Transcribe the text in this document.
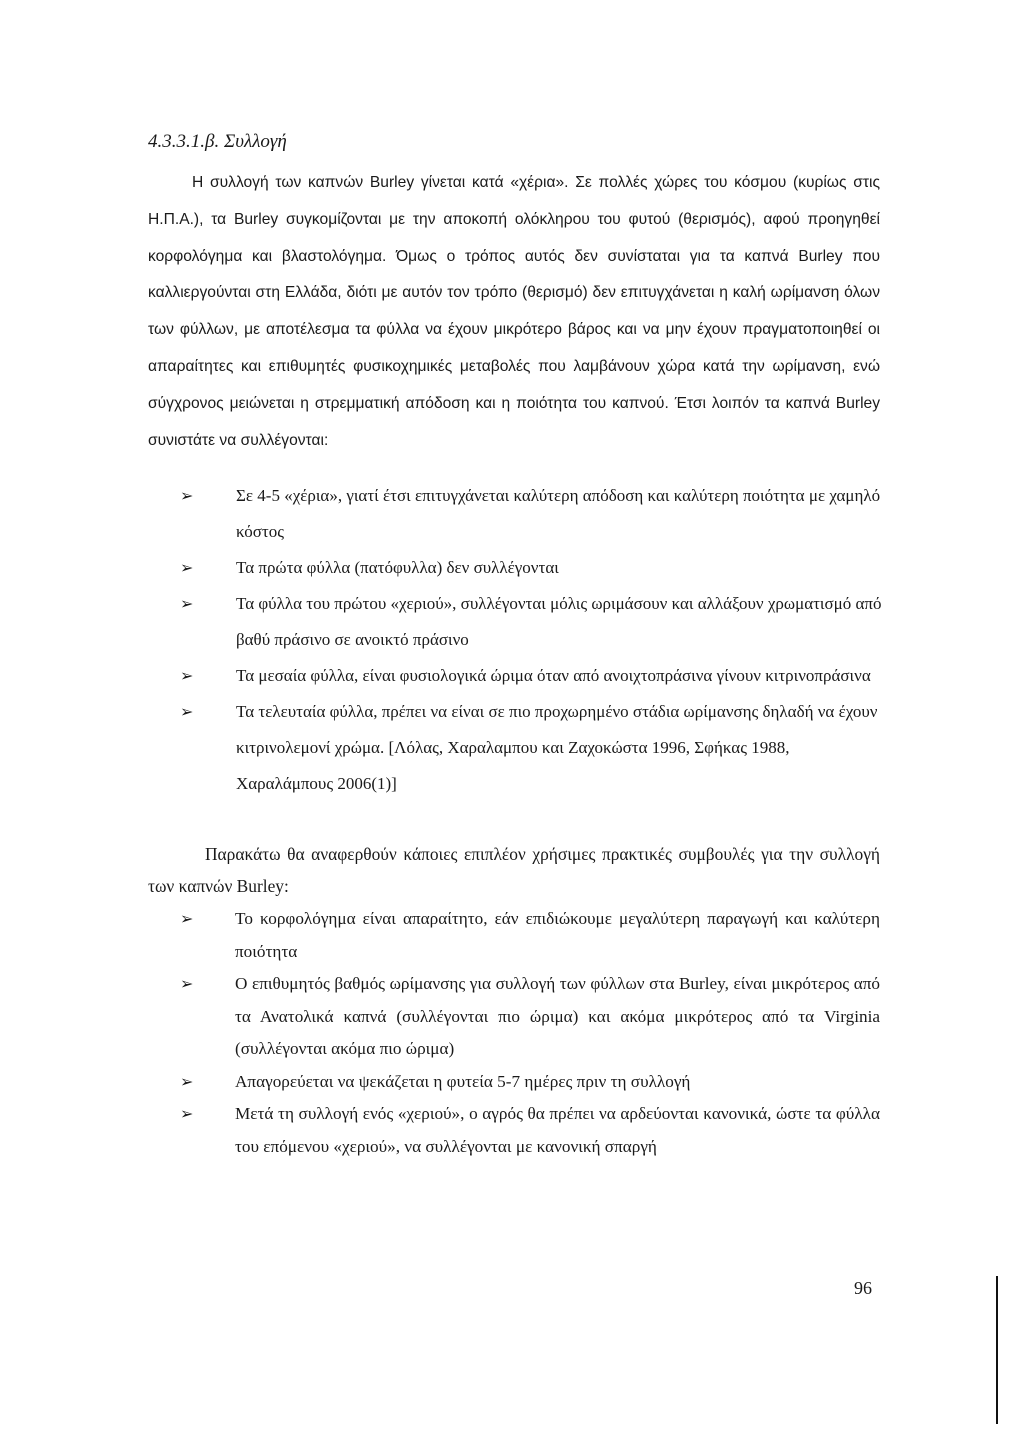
4.3.3.1.β. Συλλογή
Η συλλογή των καπνών Burley γίνεται κατά «χέρια». Σε πολλές χώρες του κόσμου (κυρίως στις Η.Π.Α.), τα Burley συγκομίζονται με την αποκοπή ολόκληρου του φυτού (θερισμός), αφού προηγηθεί κορφολόγημα και βλαστολόγημα. Όμως ο τρόπος αυτός δεν συνίσταται για τα καπνά Burley που καλλιεργούνται στη Ελλάδα, διότι με αυτόν τον τρόπο (θερισμό) δεν επιτυγχάνεται η καλή ωρίμανση όλων των φύλλων, με αποτέλεσμα τα φύλλα να έχουν μικρότερο βάρος και να μην έχουν πραγματοποιηθεί οι απαραίτητες και επιθυμητές φυσικοχημικές μεταβολές που λαμβάνουν χώρα κατά την ωρίμανση, ενώ σύγχρονος μειώνεται η στρεμματική απόδοση και η ποιότητα του καπνού. Έτσι λοιπόν τα καπνά Burley συνιστάτε να συλλέγονται:
➢	Σε 4-5 «χέρια», γιατί έτσι επιτυγχάνεται καλύτερη απόδοση και καλύτερη ποιότητα με χαμηλό κόστος
➢	Τα πρώτα φύλλα (πατόφυλλα) δεν συλλέγονται
➢	Τα φύλλα του πρώτου «χεριού», συλλέγονται μόλις ωριμάσουν και αλλάξουν χρωματισμό από βαθύ πράσινο σε ανοικτό πράσινο
➢	Τα μεσαία φύλλα, είναι φυσιολογικά ώριμα όταν από ανοιχτοπράσινα γίνουν κιτρινοπράσινα
➢	Τα τελευταία φύλλα, πρέπει να είναι σε πιο προχωρημένο στάδια ωρίμανσης δηλαδή να έχουν κιτρινολεμονί χρώμα. [Λόλας, Χαραλαμπου και Ζαχοκώστα 1996, Σφήκας 1988, Χαραλάμπους 2006(1)]
Παρακάτω θα αναφερθούν κάποιες επιπλέον χρήσιμες πρακτικές συμβουλές για την συλλογή των καπνών Burley:
➢ Το κορφολόγημα είναι απαραίτητο, εάν επιδιώκουμε μεγαλύτερη παραγωγή και καλύτερη ποιότητα
➢ Ο επιθυμητός βαθμός ωρίμανσης για συλλογή των φύλλων στα Burley, είναι μικρότερος από τα Ανατολικά καπνά (συλλέγονται πιο ώριμα) και ακόμα μικρότερος από τα Virginia (συλλέγονται ακόμα πιο ώριμα)
➢ Απαγορεύεται να ψεκάζεται η φυτεία 5-7 ημέρες πριν τη συλλογή
➢ Μετά τη συλλογή ενός «χεριού», ο αγρός θα πρέπει να αρδεύονται κανονικά, ώστε τα φύλλα του επόμενου «χεριού», να συλλέγονται με κανονική σπαργή
96
